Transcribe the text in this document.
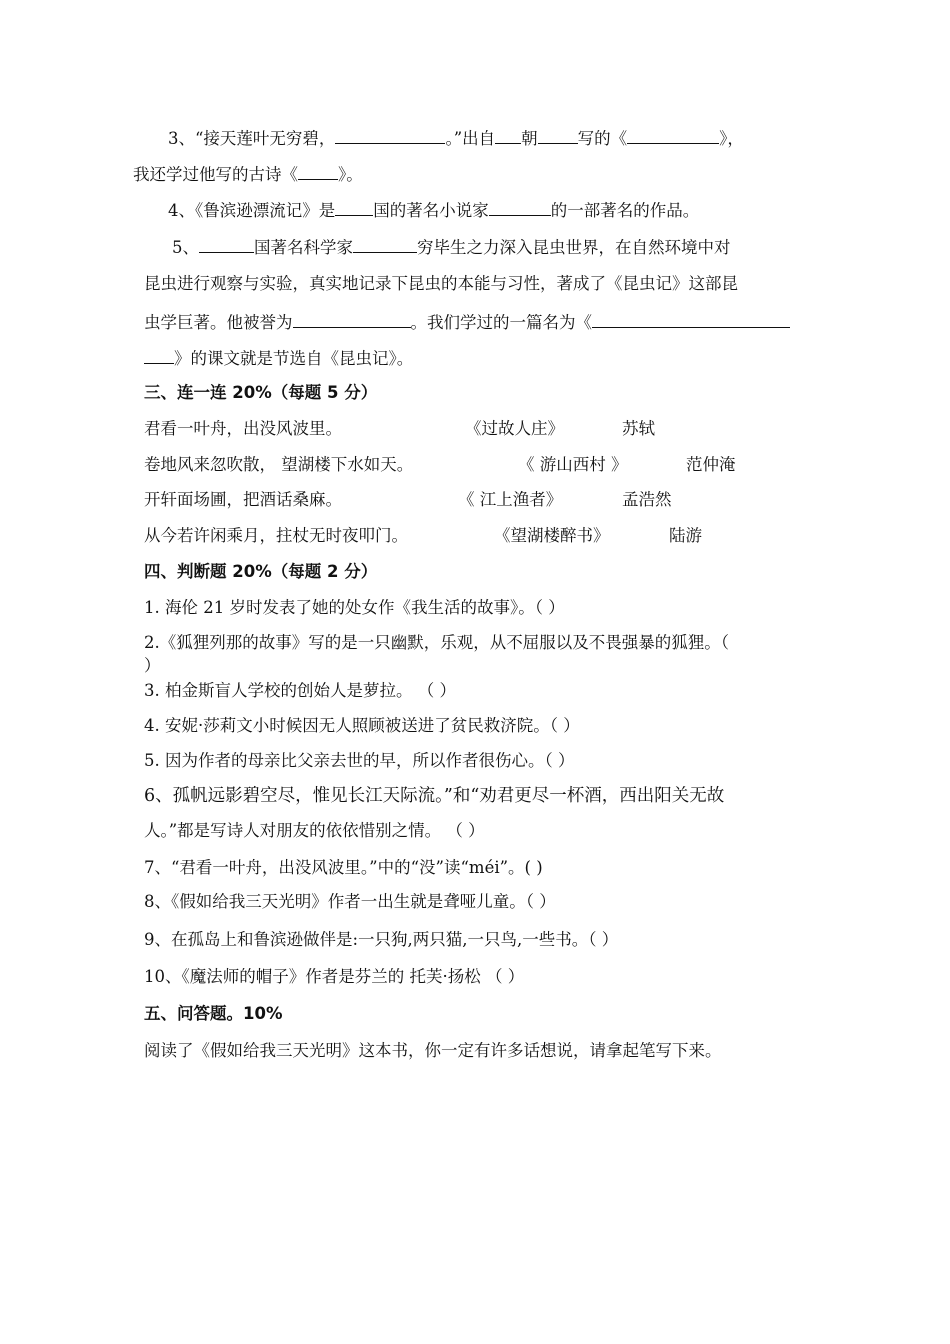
3、“接天莲叶无穷碧，	。”出自 朝 写的《	》，
我还学过他写的古诗《 》。
4、《鲁滨逊漂流记》是 国的著名小说家	的一部著名的作品。
5、	国著名科学家	穷毕生之力深入昆虫世界，在自然环境中对
昆虫进行观察与实验，真实地记录下昆虫的本能与习性，著成了《昆虫记》这部昆
虫学巨著。他被誉为	。我们学过的一篇名为《
》的课文就是节选自《昆虫记》。
三、连一连 20%（每题 5 分）
君看一叶舟，出没风波里。	《过故人庄》	苏轼
卷地风来忽吹散， 望湖楼下水如天。	《 游山西村 》	范仲淹
开轩面场圃，把酒话桑麻。	《 江上渔者》	孟浩然
从今若许闲乘月，拄杖无时夜叩门。	《望湖楼醉书》	陆游
四、判断题 20%（每题 2 分）
1. 海伦 21 岁时发表了她的处女作《我生活的故事》。（ ）
2.《狐狸列那的故事》写的是一只幽默，乐观，从不屈服以及不畏强暴的狐狸。（
）
3. 柏金斯盲人学校的创始人是萝拉。 （ ）
4. 安妮·莎莉文小时候因无人照顾被送进了贫民救济院。（ ）
5. 因为作者的母亲比父亲去世的早，所以作者很伤心。（ ）
6、孤帆远影碧空尽，惟见长江天际流。”和“劝君更尽一杯酒，西出阳关无故
人。”都是写诗人对朋友的依依惜别之情。 （ ）
7、“君看一叶舟，出没风波里。”中的“没”读“méi”。( )
8、《假如给我三天光明》作者一出生就是聋哑儿童。（ ）
9、在孤岛上和鲁滨逊做伴是:一只狗,两只猫,一只鸟,一些书。（ ）
10、《魔法师的帽子》作者是芬兰的 托芙·扬松 （ ）
五、问答题。10%
阅读了《假如给我三天光明》这本书，你一定有许多话想说，请拿起笔写下来。
